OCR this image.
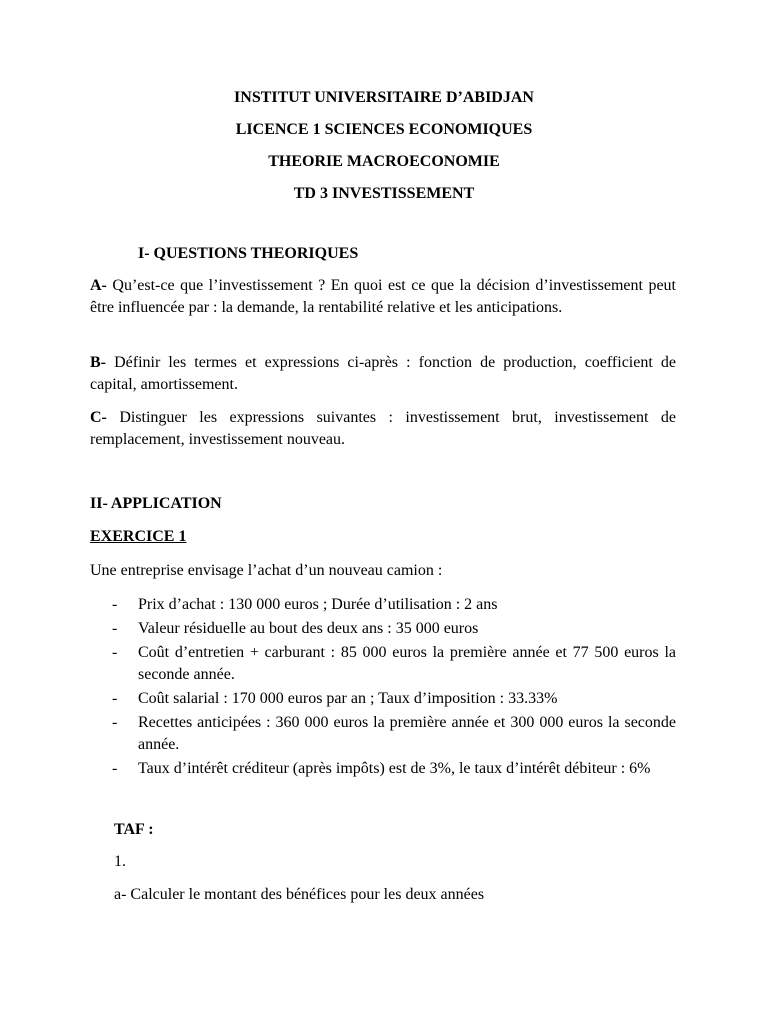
INSTITUT UNIVERSITAIRE D’ABIDJAN

LICENCE 1 SCIENCES ECONOMIQUES

THEORIE MACROECONOMIE

TD 3 INVESTISSEMENT

I- QUESTIONS THEORIQUES

A- Qu’est-ce que l’investissement ? En quoi est ce que la décision d’investissement peut être influencée par : la demande, la rentabilité relative et les anticipations.

B- Définir les termes et expressions ci-après : fonction de production, coefficient de capital, amortissement.

C- Distinguer les expressions suivantes : investissement brut, investissement de remplacement, investissement nouveau.

II- APPLICATION

EXERCICE 1

Une entreprise envisage l’achat d’un nouveau camion :

- Prix d’achat : 130 000 euros ; Durée d’utilisation : 2 ans
- Valeur résiduelle au bout des deux ans : 35 000 euros
- Coût d’entretien + carburant : 85 000 euros la première année et 77 500 euros la seconde année.
- Coût salarial : 170 000 euros par an ; Taux d’imposition : 33.33%
- Recettes anticipées : 360 000 euros la première année et 300 000 euros la seconde année.
- Taux d’intérêt créditeur (après impôts) est de 3%, le taux d’intérêt débiteur : 6%

TAF :

1.

a- Calculer le montant des bénéfices pour les deux années
